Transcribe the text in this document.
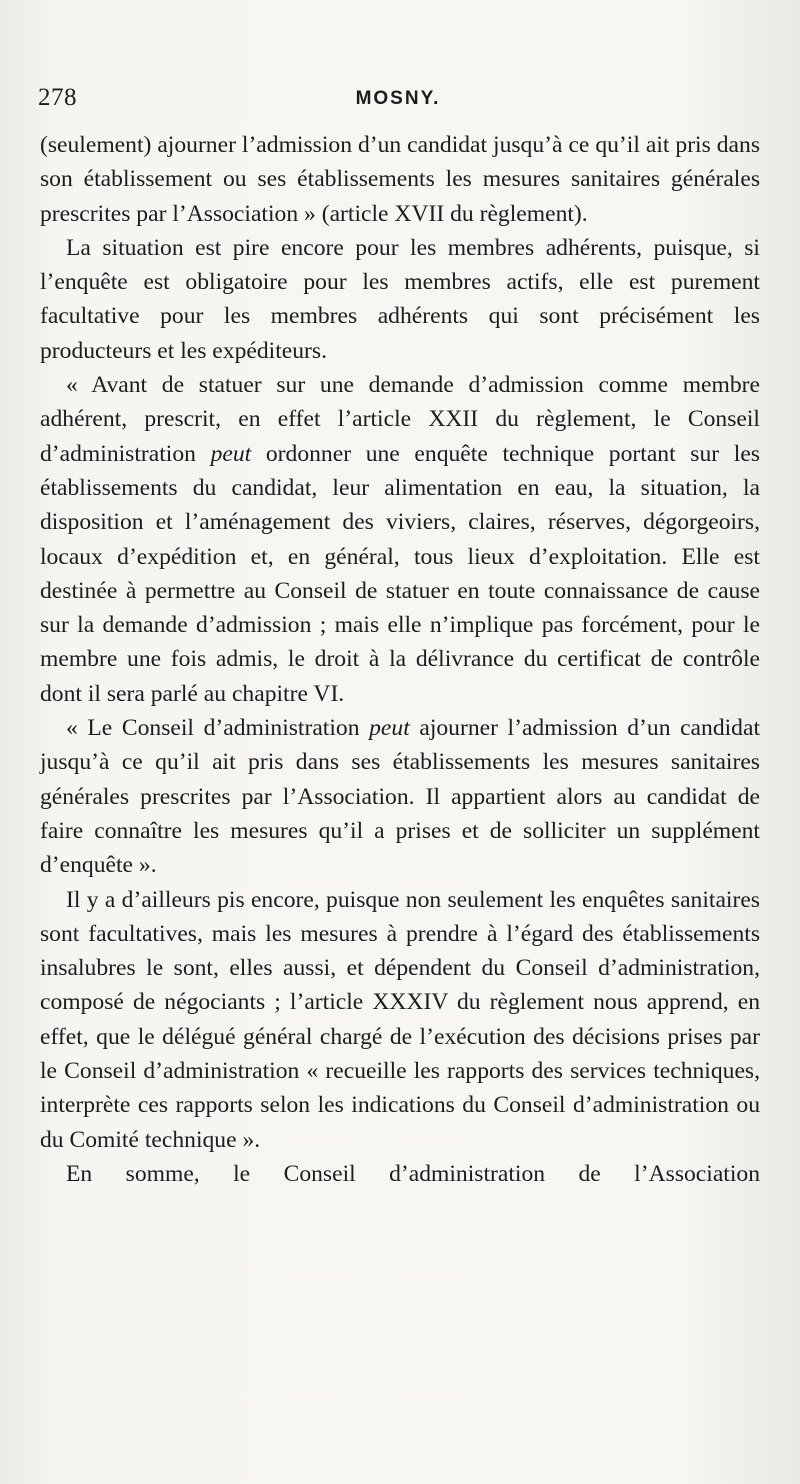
278	MOSNY.

(seulement) ajourner l’admission d’un candidat jusqu’à ce qu’il ait pris dans son établissement ou ses établissements les mesures sanitaires générales prescrites par l’Association » (article XVII du règlement).

La situation est pire encore pour les membres adhérents, puisque, si l’enquête est obligatoire pour les membres actifs, elle est purement facultative pour les membres adhérents qui sont précisément les producteurs et les expéditeurs.

« Avant de statuer sur une demande d’admission comme membre adhérent, prescrit, en effet l’article XXII du règlement, le Conseil d’administration peut ordonner une enquête technique portant sur les établissements du candidat, leur alimentation en eau, la situation, la disposition et l’aménagement des viviers, claires, réserves, dégorgeoirs, locaux d’expédition et, en général, tous lieux d’exploitation. Elle est destinée à permettre au Conseil de statuer en toute connaissance de cause sur la demande d’admission ; mais elle n’implique pas forcément, pour le membre une fois admis, le droit à la délivrance du certificat de contrôle dont il sera parlé au chapitre VI.

« Le Conseil d’administration peut ajourner l’admission d’un candidat jusqu’à ce qu’il ait pris dans ses établissements les mesures sanitaires générales prescrites par l’Association. Il appartient alors au candidat de faire connaître les mesures qu’il a prises et de solliciter un supplément d’enquête ».

Il y a d’ailleurs pis encore, puisque non seulement les enquêtes sanitaires sont facultatives, mais les mesures à prendre à l’égard des établissements insalubres le sont, elles aussi, et dépendent du Conseil d’administration, composé de négociants ; l’article XXXIV du règlement nous apprend, en effet, que le délégué général chargé de l’exécution des décisions prises par le Conseil d’administration « recueille les rapports des services techniques, interprète ces rapports selon les indications du Conseil d’administration ou du Comité technique ».

En somme, le Conseil d’administration de l’Association
